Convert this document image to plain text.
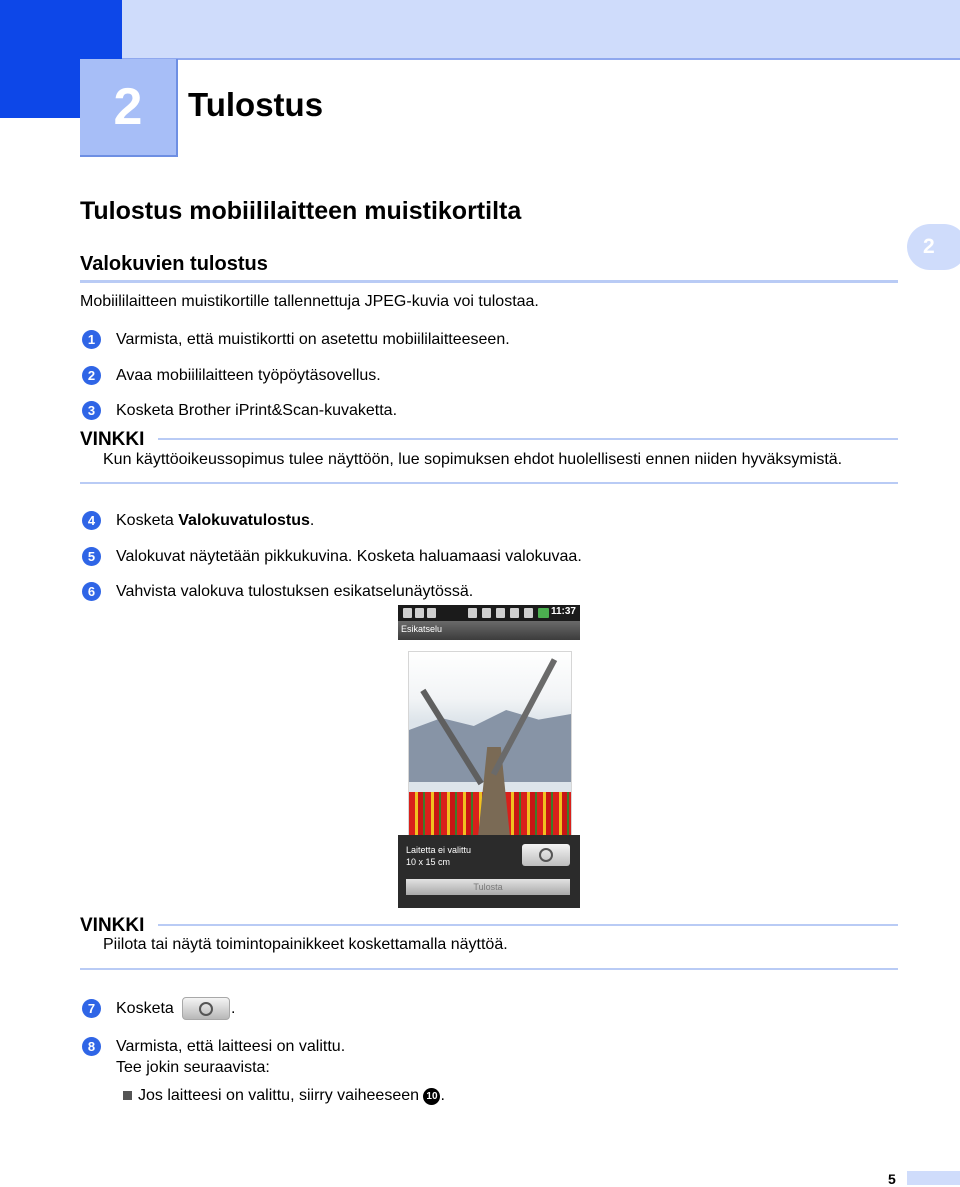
2	Tulostus
Tulostus mobiililaitteen muistikortilta
Valokuvien tulostus
2
Mobiililaitteen muistikortille tallennettuja JPEG-kuvia voi tulostaa.
1	Varmista, että muistikortti on asetettu mobiililaitteeseen.
2	Avaa mobiililaitteen työpöytäsovellus.
3	Kosketa Brother iPrint&Scan-kuvaketta.
VINKKI
Kun käyttöoikeussopimus tulee näyttöön, lue sopimuksen ehdot huolellisesti ennen niiden hyväksymistä.
4	Kosketa Valokuvatulostus.
5	Valokuvat näytetään pikkukuvina. Kosketa haluamaasi valokuvaa.
6	Vahvista valokuva tulostuksen esikatselunäytössä.
11:37
Esikatselu
Laitetta ei valittu
10 x 15 cm
Tulosta
VINKKI
Piilota tai näytä toimintopainikkeet koskettamalla näyttöä.
7	Kosketa	.
8	Varmista, että laitteesi on valittu.
Tee jokin seuraavista:
Jos laitteesi on valittu, siirry vaiheeseen 10 .
5
